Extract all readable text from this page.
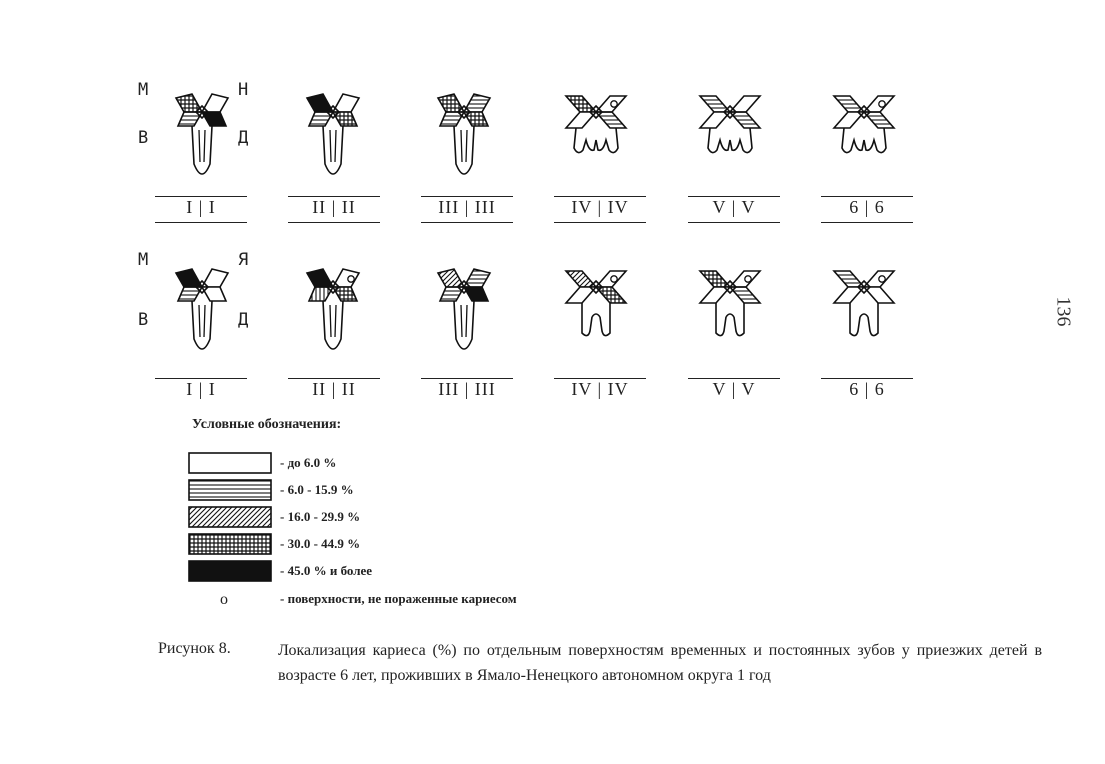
М	Н
В	Д
М	Я
В	Д
I | I	II | II	III | III	IV | IV	V | V	6 | 6
I | I	II | II	III | III	IV | IV	V | V	6 | 6
136
Условные обозначения:
- до 6.0 %
- 6.0 - 15.9 %
- 16.0 - 29.9 %
- 30.0 - 44.9 %
- 45.0 % и более
о	- поверхности, не пораженные кариесом
Рисунок 8.	Локализация кариеса (%) по отдельным поверхностям временных и постоянных зубов у приезжих детей в возрасте 6 лет, проживших в Ямало-Ненецкого автономном округа 1 год
